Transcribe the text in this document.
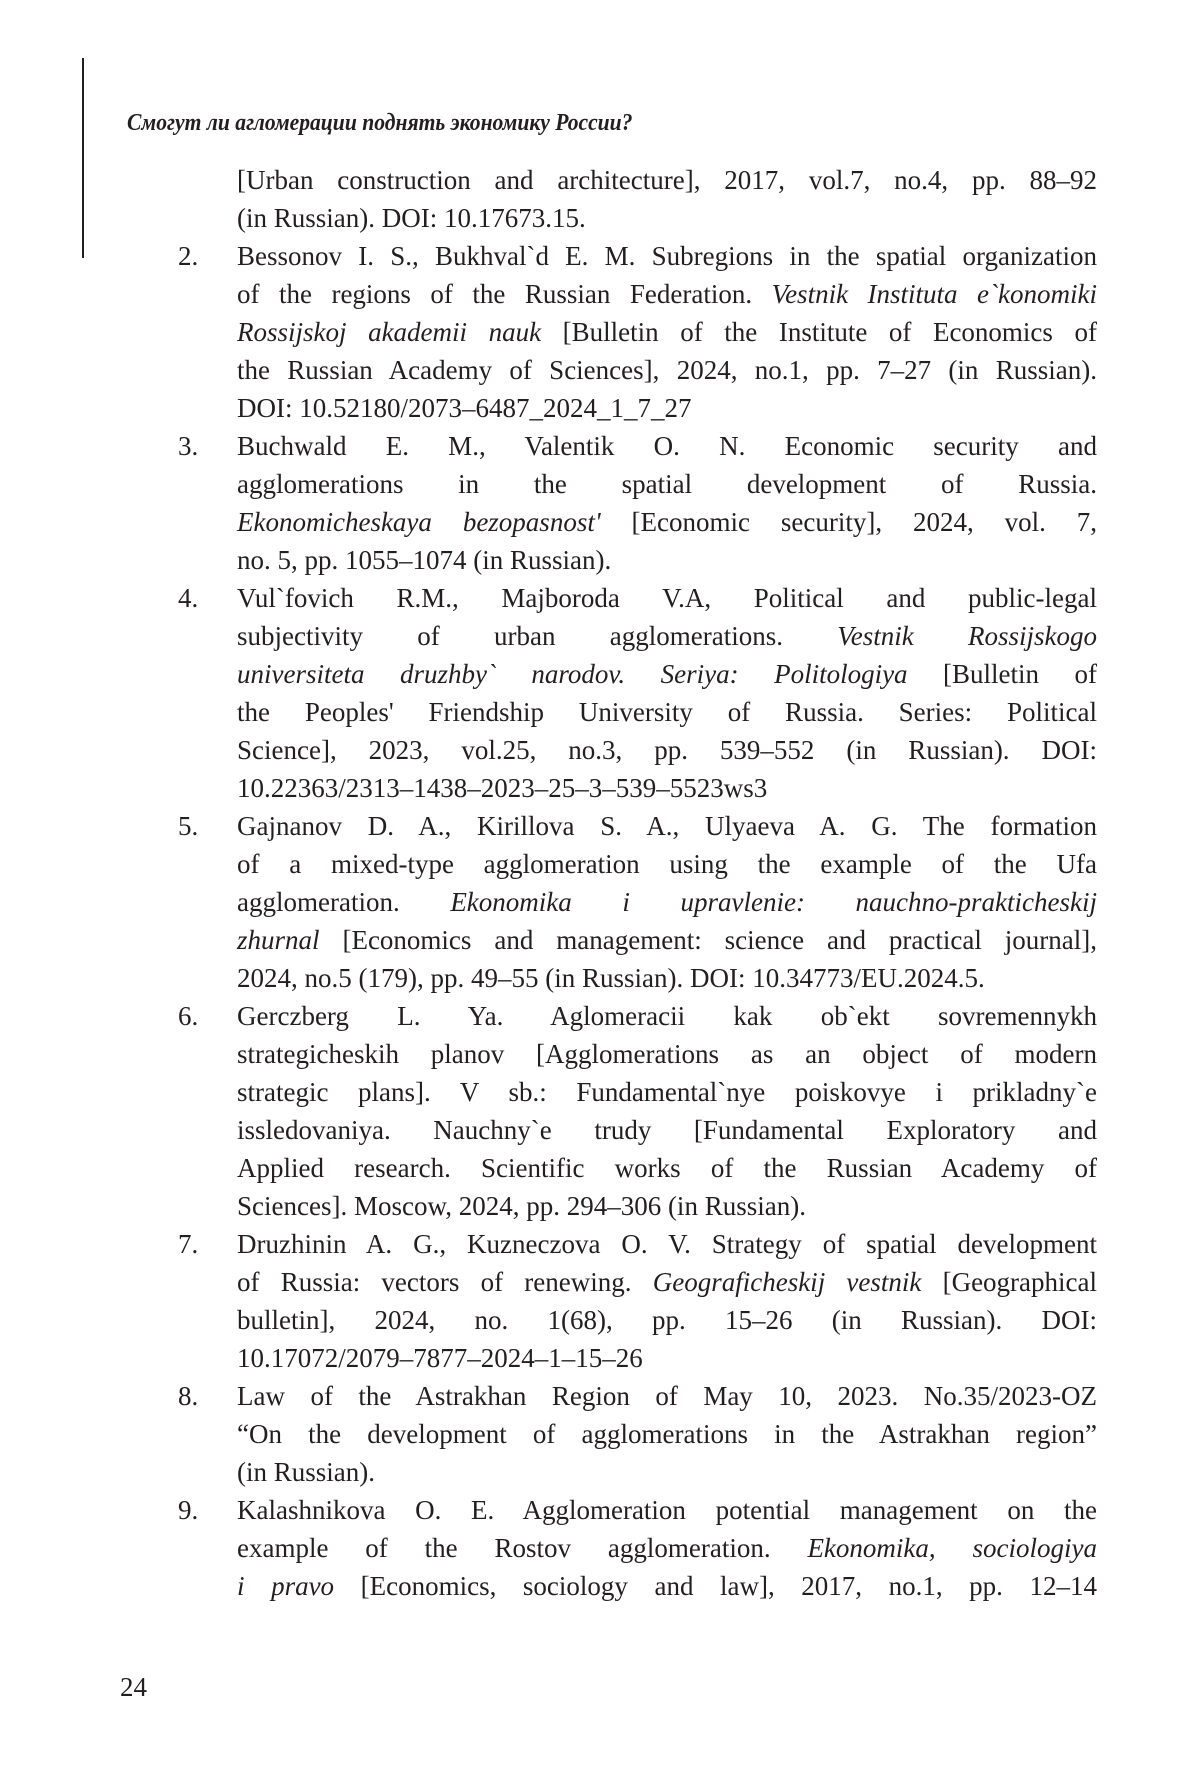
Смогут ли агломерации поднять экономику России?
[Urban construction and architecture], 2017, vol.7, no.4, pp. 88–92
(in Russian). DOI: 10.17673.15.
2.	Bessonov I. S., Bukhval`d E. M. Subregions in the spatial organization
of the regions of the Russian Federation. Vestnik Instituta e`konomiki
Rossijskoj akademii nauk [Bulletin of the Institute of Economics of
the Russian Academy of Sciences], 2024, no.1, pp. 7–27 (in Russian).
DOI: 10.52180/2073–6487_2024_1_7_27
3.	Buchwald E. M., Valentik O. N. Economic security and
agglomerations in the spatial development of Russia.
Ekonomicheskaya bezopasnost' [Economic security], 2024, vol. 7,
no. 5, pp. 1055–1074 (in Russian).
4.	Vul`fovich R.M., Majboroda V.A, Political and public-legal
subjectivity of urban agglomerations. Vestnik Rossijskogo
universiteta druzhby` narodov. Seriya: Politologiya [Bulletin of
the Peoples' Friendship University of Russia. Series: Political
Science], 2023, vol.25, no.3, pp. 539–552 (in Russian). DOI:
10.22363/2313–1438–2023–25–3–539–5523ws3
5.	Gajnanov D. A., Kirillova S. A., Ulyaeva A. G. The formation
of a mixed-type agglomeration using the example of the Ufa
agglomeration. Ekonomika i upravlenie: nauchno-prakticheskij
zhurnal [Economics and management: science and practical journal],
2024, no.5 (179), pp. 49–55 (in Russian). DOI: 10.34773/EU.2024.5.
6.	Gerczberg L. Ya. Aglomeracii kak ob`ekt sovremennykh
strategicheskih planov [Agglomerations as an object of modern
strategic plans]. V sb.: Fundamental`nye poiskovye i prikladny`e
issledovaniya. Nauchny`e trudy [Fundamental Exploratory and
Applied research. Scientific works of the Russian Academy of
Sciences]. Moscow, 2024, pp. 294–306 (in Russian).
7.	Druzhinin A. G., Kuzneczova O. V. Strategy of spatial development
of Russia: vectors of renewing. Geograficheskij vestnik [Geographical
bulletin], 2024, no. 1(68), pp. 15–26 (in Russian). DOI:
10.17072/2079–7877–2024–1–15–26
8.	Law of the Astrakhan Region of May 10, 2023. No.35/2023-OZ
“On the development of agglomerations in the Astrakhan region”
(in Russian).
9.	Kalashnikova O. E. Agglomeration potential management on the
example of the Rostov agglomeration. Ekonomika, sociologiya
i pravo [Economics, sociology and law], 2017, no.1, pp. 12–14
24
